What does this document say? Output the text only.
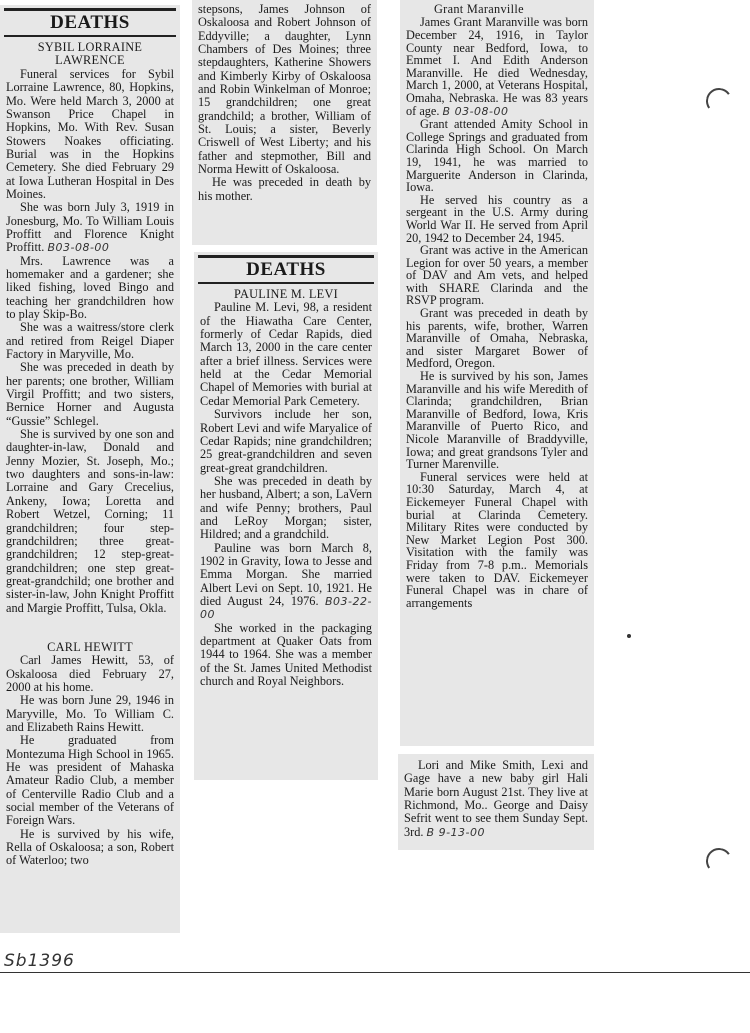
DEATHS
SYBIL LORRAINE LAWRENCE

Funeral services for Sybil Lorraine Lawrence, 80, Hopkins, Mo. Were held March 3, 2000 at Swanson Price Chapel in Hopkins, Mo. With Rev. Susan Stowers Noakes officiating. Burial was in the Hopkins Cemetery. She died February 29 at Iowa Lutheran Hospital in Des Moines.

She was born July 3, 1919 in Jonesburg, Mo. To William Louis Proffitt and Florence Knight Proffitt. B03-08-00

Mrs. Lawrence was a homemaker and a gardener; she liked fishing, loved Bingo and teaching her grandchildren how to play Skip-Bo.

She was a waitress/store clerk and retired from Reigel Diaper Factory in Maryville, Mo.

She was preceded in death by her parents; one brother, William Virgil Proffitt; and two sisters, Bernice Horner and Augusta “Gussie” Schlegel.

She is survived by one son and daughter-in-law, Donald and Jenny Mozier, St. Joseph, Mo.; two daughters and sons-in-law: Lorraine and Gary Crecelius, Ankeny, Iowa; Loretta and Robert Wetzel, Corning; 11 grandchildren; four step-grandchildren; three great-grandchildren; 12 step-great-grandchildren; one step great-great-grandchild; one brother and sister-in-law, John Knight Proffitt and Margie Proffitt, Tulsa, Okla.

CARL HEWITT

Carl James Hewitt, 53, of Oskaloosa died February 27, 2000 at his home.

He was born June 29, 1946 in Maryville, Mo. To William C. and Elizabeth Rains Hewitt.

He graduated from Montezuma High School in 1965. He was president of Mahaska Amateur Radio Club, a member of Centerville Radio Club and a social member of the Veterans of Foreign Wars.

He is survived by his wife, Rella of Oskaloosa; a son, Robert of Waterloo; two

stepsons, James Johnson of Oskaloosa and Robert Johnson of Eddyville; a daughter, Lynn Chambers of Des Moines; three stepdaughters, Katherine Showers and Kimberly Kirby of Oskaloosa and Robin Winkelman of Monroe; 15 grandchildren; one great grandchild; a brother, William of St. Louis; a sister, Beverly Criswell of West Liberty; and his father and stepmother, Bill and Norma Hewitt of Oskaloosa.

He was preceded in death by his mother.

DEATHS
PAULINE M. LEVI

Pauline M. Levi, 98, a resident of the Hiawatha Care Center, formerly of Cedar Rapids, died March 13, 2000 in the care center after a brief illness. Services were held at the Cedar Memorial Chapel of Memories with burial at Cedar Memorial Park Cemetery.

Survivors include her son, Robert Levi and wife Maryalice of Cedar Rapids; nine grandchildren; 25 great-grandchildren and seven great-great grandchildren.

She was preceded in death by her husband, Albert; a son, LaVern and wife Penny; brothers, Paul and LeRoy Morgan; sister, Hildred; and a grandchild.

Pauline was born March 8, 1902 in Gravity, Iowa to Jesse and Emma Morgan. She married Albert Levi on Sept. 10, 1921. He died August 24, 1976. B03-22-00

She worked in the packaging department at Quaker Oats from 1944 to 1964. She was a member of the St. James United Methodist church and Royal Neighbors.

Grant Maranville

James Grant Maranville was born December 24, 1916, in Taylor County near Bedford, Iowa, to Emmet I. And Edith Anderson Maranville. He died Wednesday, March 1, 2000, at Veterans Hospital, Omaha, Nebraska. He was 83 years of age. B 03-08-00

Grant attended Amity School in College Springs and graduated from Clarinda High School. On March 19, 1941, he was married to Marguerite Anderson in Clarinda, Iowa.

He served his country as a sergeant in the U.S. Army during World War II. He served from April 20, 1942 to December 24, 1945.

Grant was active in the American Legion for over 50 years, a member of DAV and Am vets, and helped with SHARE Clarinda and the RSVP program.

Grant was preceded in death by his parents, wife, brother, Warren Maranville of Omaha, Nebraska, and sister Margaret Bower of Medford, Oregon.

He is survived by his son, James Maranville and his wife Meredith of Clarinda; grandchildren, Brian Maranville of Bedford, Iowa, Kris Maranville of Puerto Rico, and Nicole Maranville of Braddyville, Iowa; and great grandsons Tyler and Turner Marenville.

Funeral services were held at 10:30 Saturday, March 4, at Eickemeyer Funeral Chapel with burial at Clarinda Cemetery. Military Rites were conducted by New Market Legion Post 300. Visitation with the family was Friday from 7-8 p.m.. Memorials were taken to DAV. Eickemeyer Funeral Chapel was in chare of arrangements

Lori and Mike Smith, Lexi and Gage have a new baby girl Hali Marie born August 21st. They live at Richmond, Mo.. George and Daisy Sefrit went to see them Sunday Sept. 3rd. B 9-13-00

Sb1396
